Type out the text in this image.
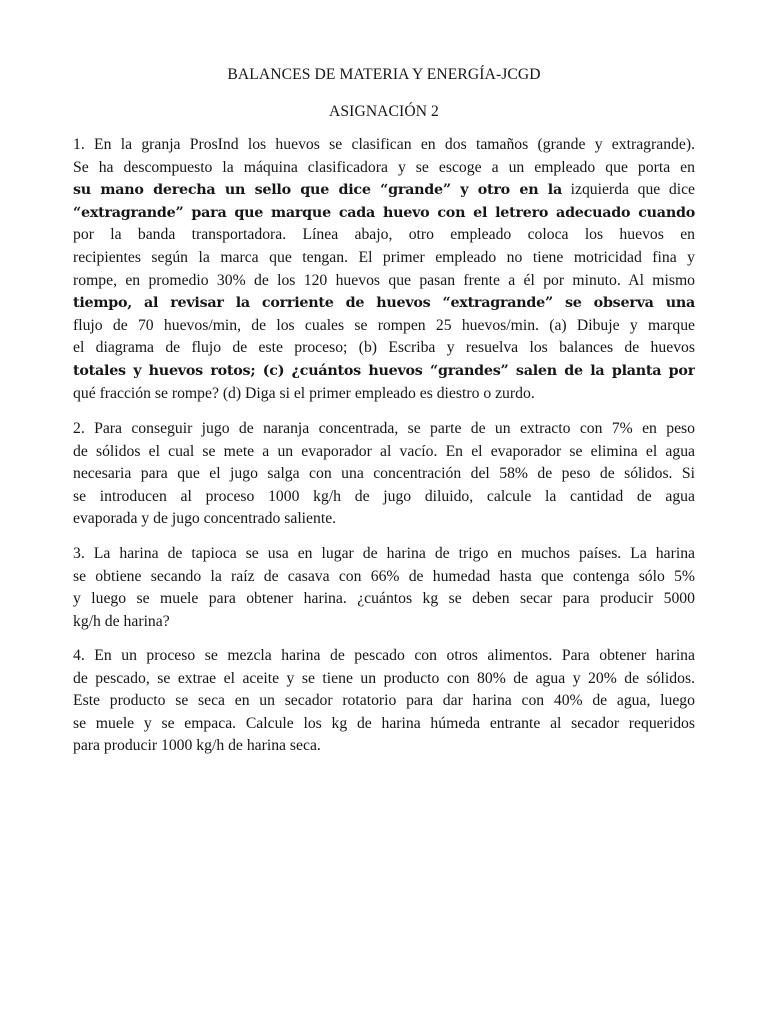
BALANCES DE MATERIA Y ENERGÍA-JCGD
ASIGNACIÓN 2
1. En la granja ProsInd los huevos se clasifican en dos tamaños (grande y extragrande).
Se ha descompuesto la máquina clasificadora y se escoge a un empleado que porta en
su mano derecha un sello que dice “grande” y otro en la izquierda que dice
“extragrande” para que marque cada huevo con el letrero adecuado cuando
por la banda transportadora. Línea abajo, otro empleado coloca los huevos en
recipientes según la marca que tengan. El primer empleado no tiene motricidad fina y
rompe, en promedio 30% de los 120 huevos que pasan frente a él por minuto. Al mismo
tiempo, al revisar la corriente de huevos “extragrande” se observa una
flujo de 70 huevos/min, de los cuales se rompen 25 huevos/min. (a) Dibuje y marque
el diagrama de flujo de este proceso; (b) Escriba y resuelva los balances de huevos
totales y huevos rotos; (c) ¿cuántos huevos “grandes” salen de la planta por
qué fracción se rompe? (d) Diga si el primer empleado es diestro o zurdo.
2. Para conseguir jugo de naranja concentrada, se parte de un extracto con 7% en peso
de sólidos el cual se mete a un evaporador al vacío. En el evaporador se elimina el agua
necesaria para que el jugo salga con una concentración del 58% de peso de sólidos. Si
se introducen al proceso 1000 kg/h de jugo diluido, calcule la cantidad de agua
evaporada y de jugo concentrado saliente.
3. La harina de tapioca se usa en lugar de harina de trigo en muchos países. La harina
se obtiene secando la raíz de casava con 66% de humedad hasta que contenga sólo 5%
y luego se muele para obtener harina. ¿cuántos kg se deben secar para producir 5000
kg/h de harina?
4. En un proceso se mezcla harina de pescado con otros alimentos. Para obtener harina
de pescado, se extrae el aceite y se tiene un producto con 80% de agua y 20% de sólidos.
Este producto se seca en un secador rotatorio para dar harina con 40% de agua, luego
se muele y se empaca. Calcule los kg de harina húmeda entrante al secador requeridos
para producir 1000 kg/h de harina seca.
